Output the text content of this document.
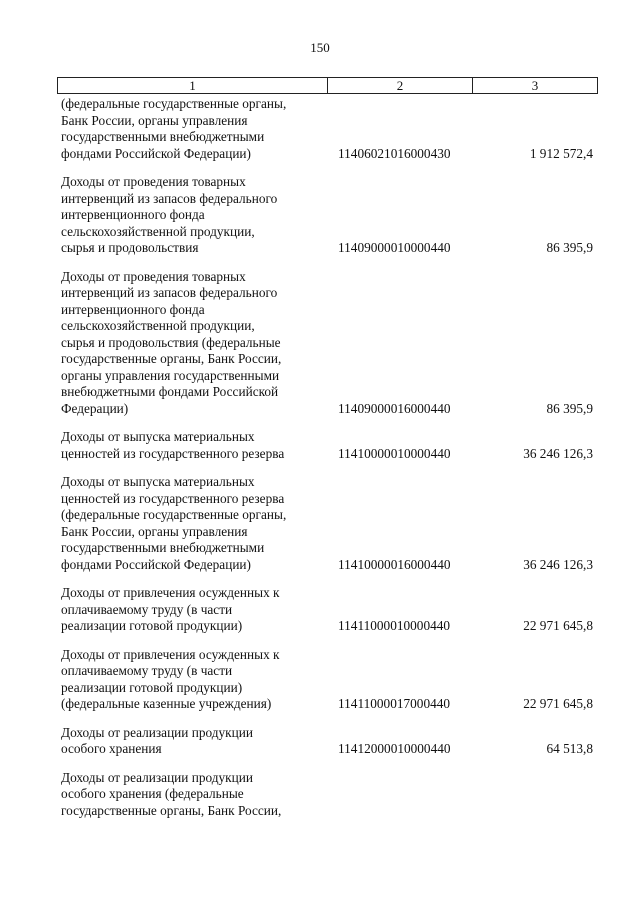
150
1	2	3
(федеральные государственные органы,
Банк России, органы управления
государственными внебюджетными
фондами Российской Федерации)	11406021016000430	1 912 572,4
Доходы от проведения товарных
интервенций из запасов федерального
интервенционного фонда
сельскохозяйственной продукции,
сырья и продовольствия	11409000010000440	86 395,9
Доходы от проведения товарных
интервенций из запасов федерального
интервенционного фонда
сельскохозяйственной продукции,
сырья и продовольствия (федеральные
государственные органы, Банк России,
органы управления государственными
внебюджетными фондами Российской
Федерации)	11409000016000440	86 395,9
Доходы от выпуска материальных
ценностей из государственного резерва	11410000010000440	36 246 126,3
Доходы от выпуска материальных
ценностей из государственного резерва
(федеральные государственные органы,
Банк России, органы управления
государственными внебюджетными
фондами Российской Федерации)	11410000016000440	36 246 126,3
Доходы от привлечения осужденных к
оплачиваемому труду (в части
реализации готовой продукции)	11411000010000440	22 971 645,8
Доходы от привлечения осужденных к
оплачиваемому труду (в части
реализации готовой продукции)
(федеральные казенные учреждения)	11411000017000440	22 971 645,8
Доходы от реализации продукции
особого хранения	11412000010000440	64 513,8
Доходы от реализации продукции
особого хранения (федеральные
государственные органы, Банк России,
